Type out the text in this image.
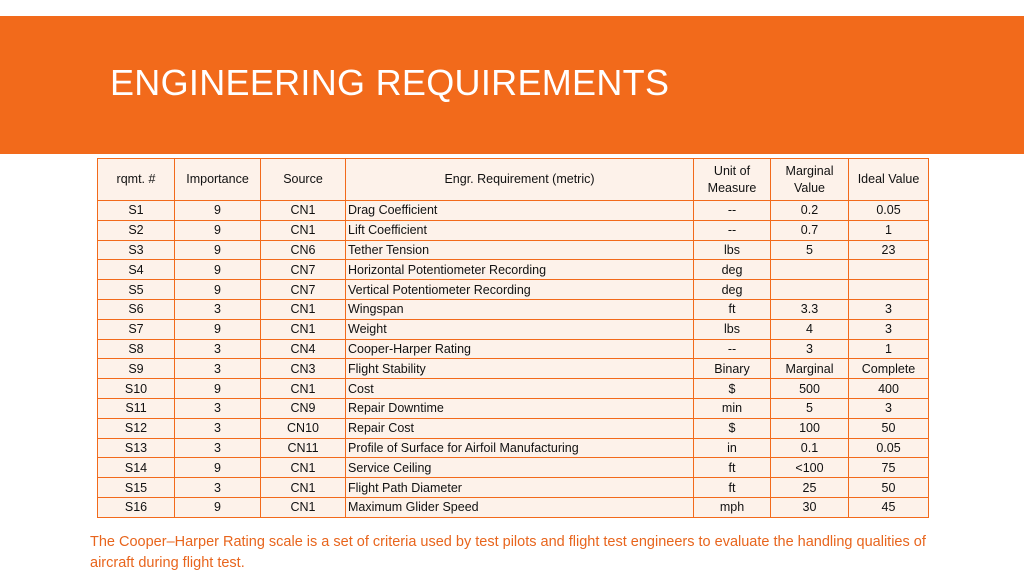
ENGINEERING REQUIREMENTS
rqmt. #	Importance	Source	Engr. Requirement (metric)	Unit of Measure	Marginal Value	Ideal Value
S1	9	CN1	Drag Coefficient	--	0.2	0.05
S2	9	CN1	Lift Coefficient	--	0.7	1
S3	9	CN6	Tether Tension	lbs	5	23
S4	9	CN7	Horizontal Potentiometer Recording	deg		
S5	9	CN7	Vertical Potentiometer Recording	deg		
S6	3	CN1	Wingspan	ft	3.3	3
S7	9	CN1	Weight	lbs	4	3
S8	3	CN4	Cooper-Harper Rating	--	3	1
S9	3	CN3	Flight Stability	Binary	Marginal	Complete
S10	9	CN1	Cost	$	500	400
S11	3	CN9	Repair Downtime	min	5	3
S12	3	CN10	Repair Cost	$	100	50
S13	3	CN11	Profile of Surface for Airfoil Manufacturing	in	0.1	0.05
S14	9	CN1	Service Ceiling	ft	<100	75
S15	3	CN1	Flight Path Diameter	ft	25	50
S16	9	CN1	Maximum Glider Speed	mph	30	45
The Cooper–Harper Rating scale is a set of criteria used by test pilots and flight test engineers to evaluate the handling qualities of aircraft during flight test.
